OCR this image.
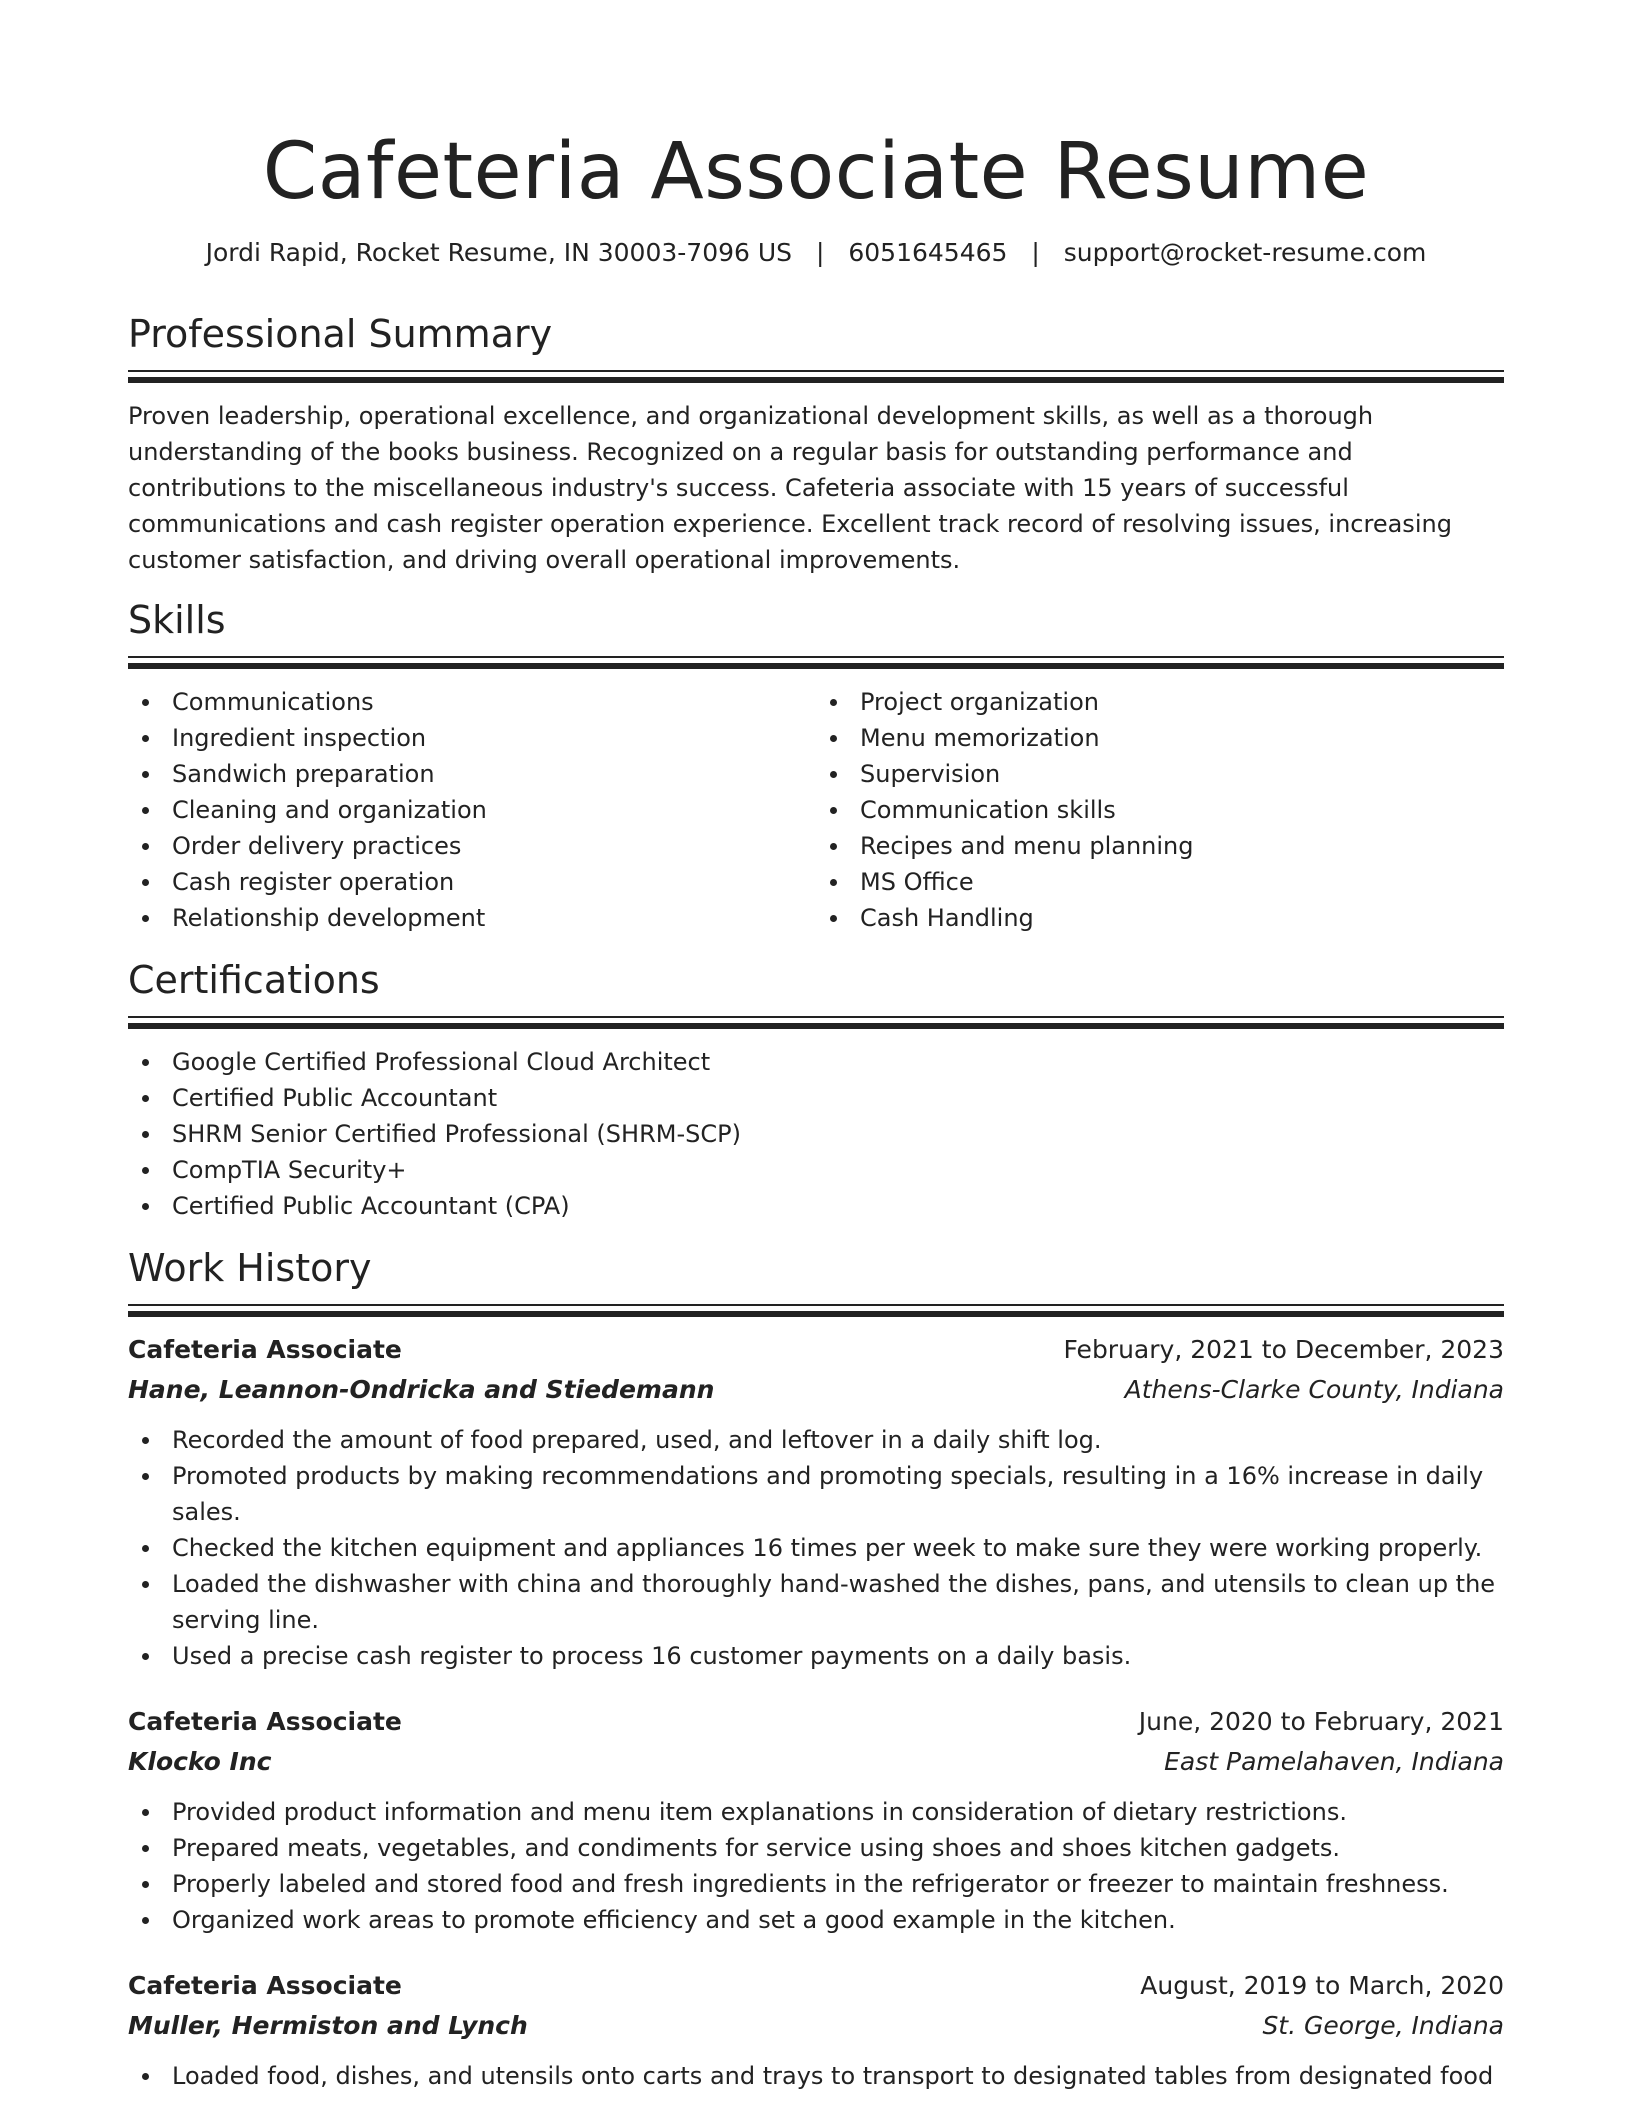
Cafeteria Associate Resume
Jordi Rapid, Rocket Resume, IN 30003-7096 US | 6051645465 | support@rocket-resume.com
Professional Summary

Proven leadership, operational excellence, and organizational development skills, as well as a thorough understanding of the books business. Recognized on a regular basis for outstanding performance and contributions to the miscellaneous industry's success. Cafeteria associate with 15 years of successful communications and cash register operation experience. Excellent track record of resolving issues, increasing customer satisfaction, and driving overall operational improvements.

Skills
Communications
Ingredient inspection
Sandwich preparation
Cleaning and organization
Order delivery practices
Cash register operation
Relationship development
Project organization
Menu memorization
Supervision
Communication skills
Recipes and menu planning
MS Office
Cash Handling
Certifications
Google Certified Professional Cloud Architect
Certified Public Accountant
SHRM Senior Certified Professional (SHRM-SCP)
CompTIA Security+
Certified Public Accountant (CPA)
Work History
Cafeteria Associate	February, 2021 to December, 2023
Hane, Leannon-Ondricka and Stiedemann	Athens-Clarke County, Indiana
Recorded the amount of food prepared, used, and leftover in a daily shift log.
Promoted products by making recommendations and promoting specials, resulting in a 16% increase in daily sales.
Checked the kitchen equipment and appliances 16 times per week to make sure they were working properly.
Loaded the dishwasher with china and thoroughly hand-washed the dishes, pans, and utensils to clean up the serving line.
Used a precise cash register to process 16 customer payments on a daily basis.
Cafeteria Associate	June, 2020 to February, 2021
Klocko Inc	East Pamelahaven, Indiana
Provided product information and menu item explanations in consideration of dietary restrictions.
Prepared meats, vegetables, and condiments for service using shoes and shoes kitchen gadgets.
Properly labeled and stored food and fresh ingredients in the refrigerator or freezer to maintain freshness.
Organized work areas to promote efficiency and set a good example in the kitchen.
Cafeteria Associate	August, 2019 to March, 2020
Muller, Hermiston and Lynch	St. George, Indiana
Loaded food, dishes, and utensils onto carts and trays to transport to designated tables from designated food
